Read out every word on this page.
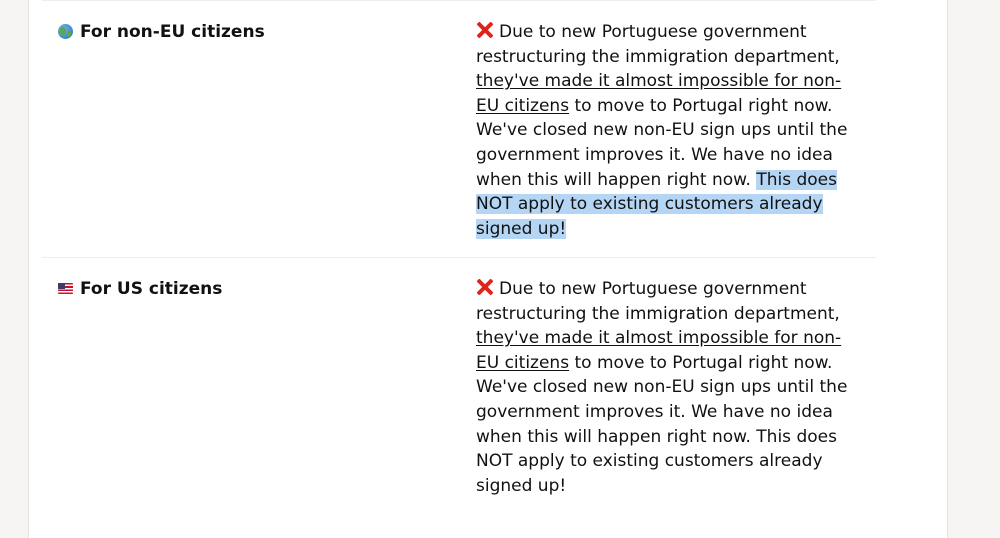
For non-EU citizens	Due to new Portuguese government restructuring the immigration department, they've made it almost impossible for non-EU citizens to move to Portugal right now. We've closed new non-EU sign ups until the government improves it. We have no idea when this will happen right now. This does NOT apply to existing customers already signed up!
For US citizens	Due to new Portuguese government restructuring the immigration department, they've made it almost impossible for non-EU citizens to move to Portugal right now. We've closed new non-EU sign ups until the government improves it. We have no idea when this will happen right now. This does NOT apply to existing customers already signed up!
